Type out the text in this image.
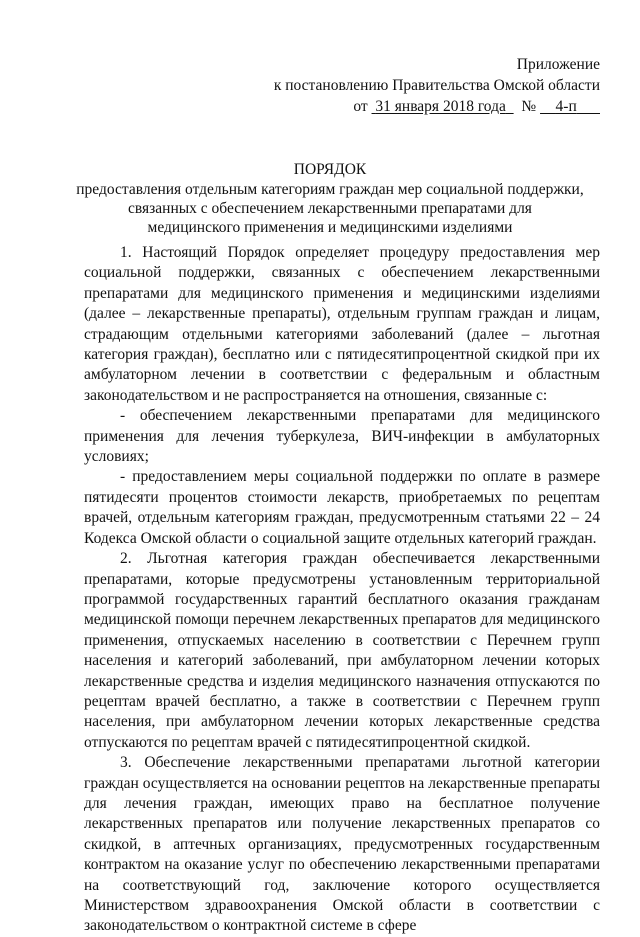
Приложение
к постановлению Правительства Омской области
от 31 января 2018 года № 4-п
ПОРЯДОК
предоставления отдельным категориям граждан мер социальной поддержки,
связанных с обеспечением лекарственными препаратами для
медицинского применения и медицинскими изделиями

1. Настоящий Порядок определяет процедуру предоставления мер социальной поддержки, связанных с обеспечением лекарственными препаратами для медицинского применения и медицинскими изделиями (далее – лекарственные препараты), отдельным группам граждан и лицам, страдающим отдельными категориями заболеваний (далее – льготная категория граждан), бесплатно или с пятидесятипроцентной скидкой при их амбулаторном лечении в соответствии с федеральным и областным законодательством и не распространяется на отношения, связанные с:

- обеспечением лекарственными препаратами для медицинского применения для лечения туберкулеза, ВИЧ-инфекции в амбулаторных условиях;

- предоставлением меры социальной поддержки по оплате в размере пятидесяти процентов стоимости лекарств, приобретаемых по рецептам врачей, отдельным категориям граждан, предусмотренным статьями 22 – 24 Кодекса Омской области о социальной защите отдельных категорий граждан.

2. Льготная категория граждан обеспечивается лекарственными препаратами, которые предусмотрены установленным территориальной программой государственных гарантий бесплатного оказания гражданам медицинской помощи перечнем лекарственных препаратов для медицинского применения, отпускаемых населению в соответствии с Перечнем групп населения и категорий заболеваний, при амбулаторном лечении которых лекарственные средства и изделия медицинского назначения отпускаются по рецептам врачей бесплатно, а также в соответствии с Перечнем групп населения, при амбулаторном лечении которых лекарственные средства отпускаются по рецептам врачей с пятидесятипроцентной скидкой.

3. Обеспечение лекарственными препаратами льготной категории граждан осуществляется на основании рецептов на лекарственные препараты для лечения граждан, имеющих право на бесплатное получение лекарственных препаратов или получение лекарственных препаратов со скидкой, в аптечных организациях, предусмотренных государственным контрактом на оказание услуг по обеспечению лекарственными препаратами на соответствующий год, заключение которого осуществляется Министерством здравоохранения Омской области в соответствии с законодательством о контрактной системе в сфере
